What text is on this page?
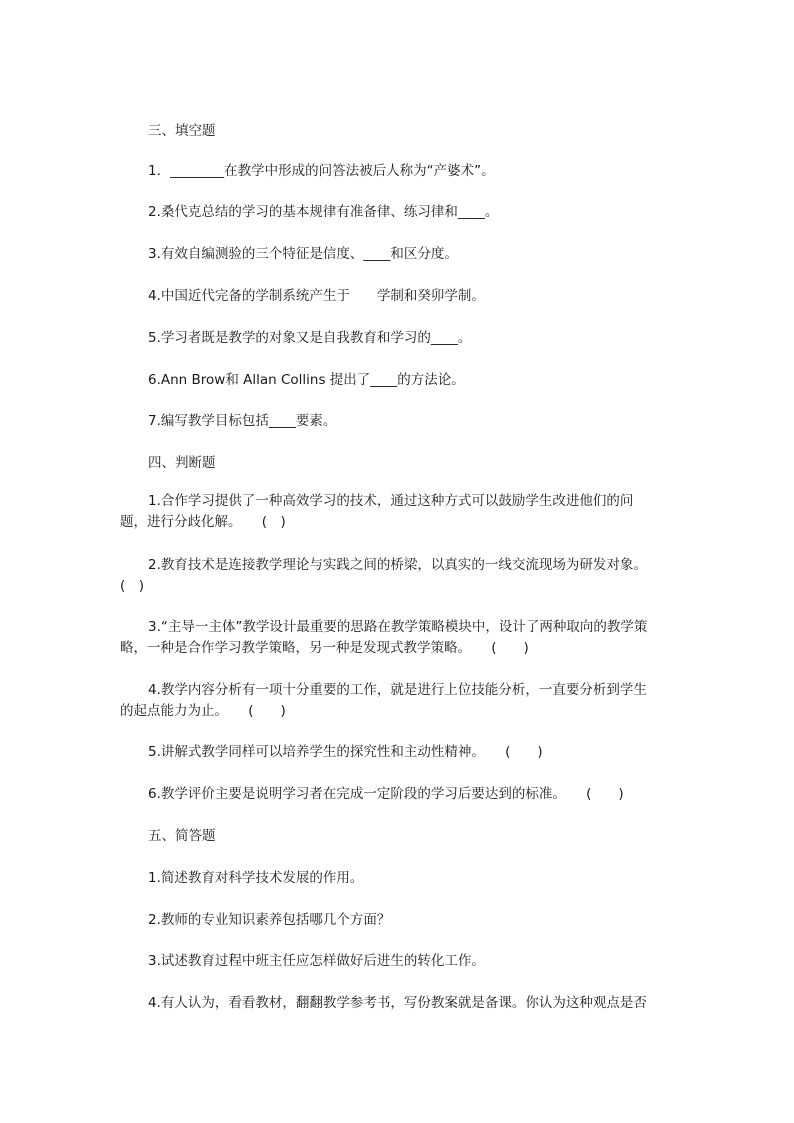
三、填空题
1．________在教学中形成的问答法被后人称为“产婆术”。
2.桑代克总结的学习的基本规律有准备律、练习律和____。
3.有效自编测验的三个特征是信度、____和区分度。
4.中国近代完备的学制系统产生于　　学制和癸卯学制。
5.学习者既是教学的对象又是自我教育和学习的____。
6.Ann Brow和 Allan Collins 提出了____的方法论。
7.编写教学目标包括____要素。
四、判断题
1.合作学习提供了一种高效学习的技术，通过这种方式可以鼓励学生改进他们的问题，进行分歧化解。　　(　)
2.教育技术是连接教学理论与实践之间的桥梁，以真实的一线交流现场为研发对象。　(　)
3.“主导一主体”教学设计最重要的思路在教学策略模块中，设计了两种取向的教学策略，一种是合作学习教学策略，另一种是发现式教学策略。　　(　　)
4.教学内容分析有一项十分重要的工作，就是进行上位技能分析，一直要分析到学生的起点能力为止。　　(　　)
5.讲解式教学同样可以培养学生的探究性和主动性精神。　　(　　)
6.教学评价主要是说明学习者在完成一定阶段的学习后要达到的标准。　　(　　)
五、简答题
1.简述教育对科学技术发展的作用。
2.教师的专业知识素养包括哪几个方面？
3.试述教育过程中班主任应怎样做好后进生的转化工作。
4.有人认为，看看教材，翻翻教学参考书，写份教案就是备课。你认为这种观点是否
